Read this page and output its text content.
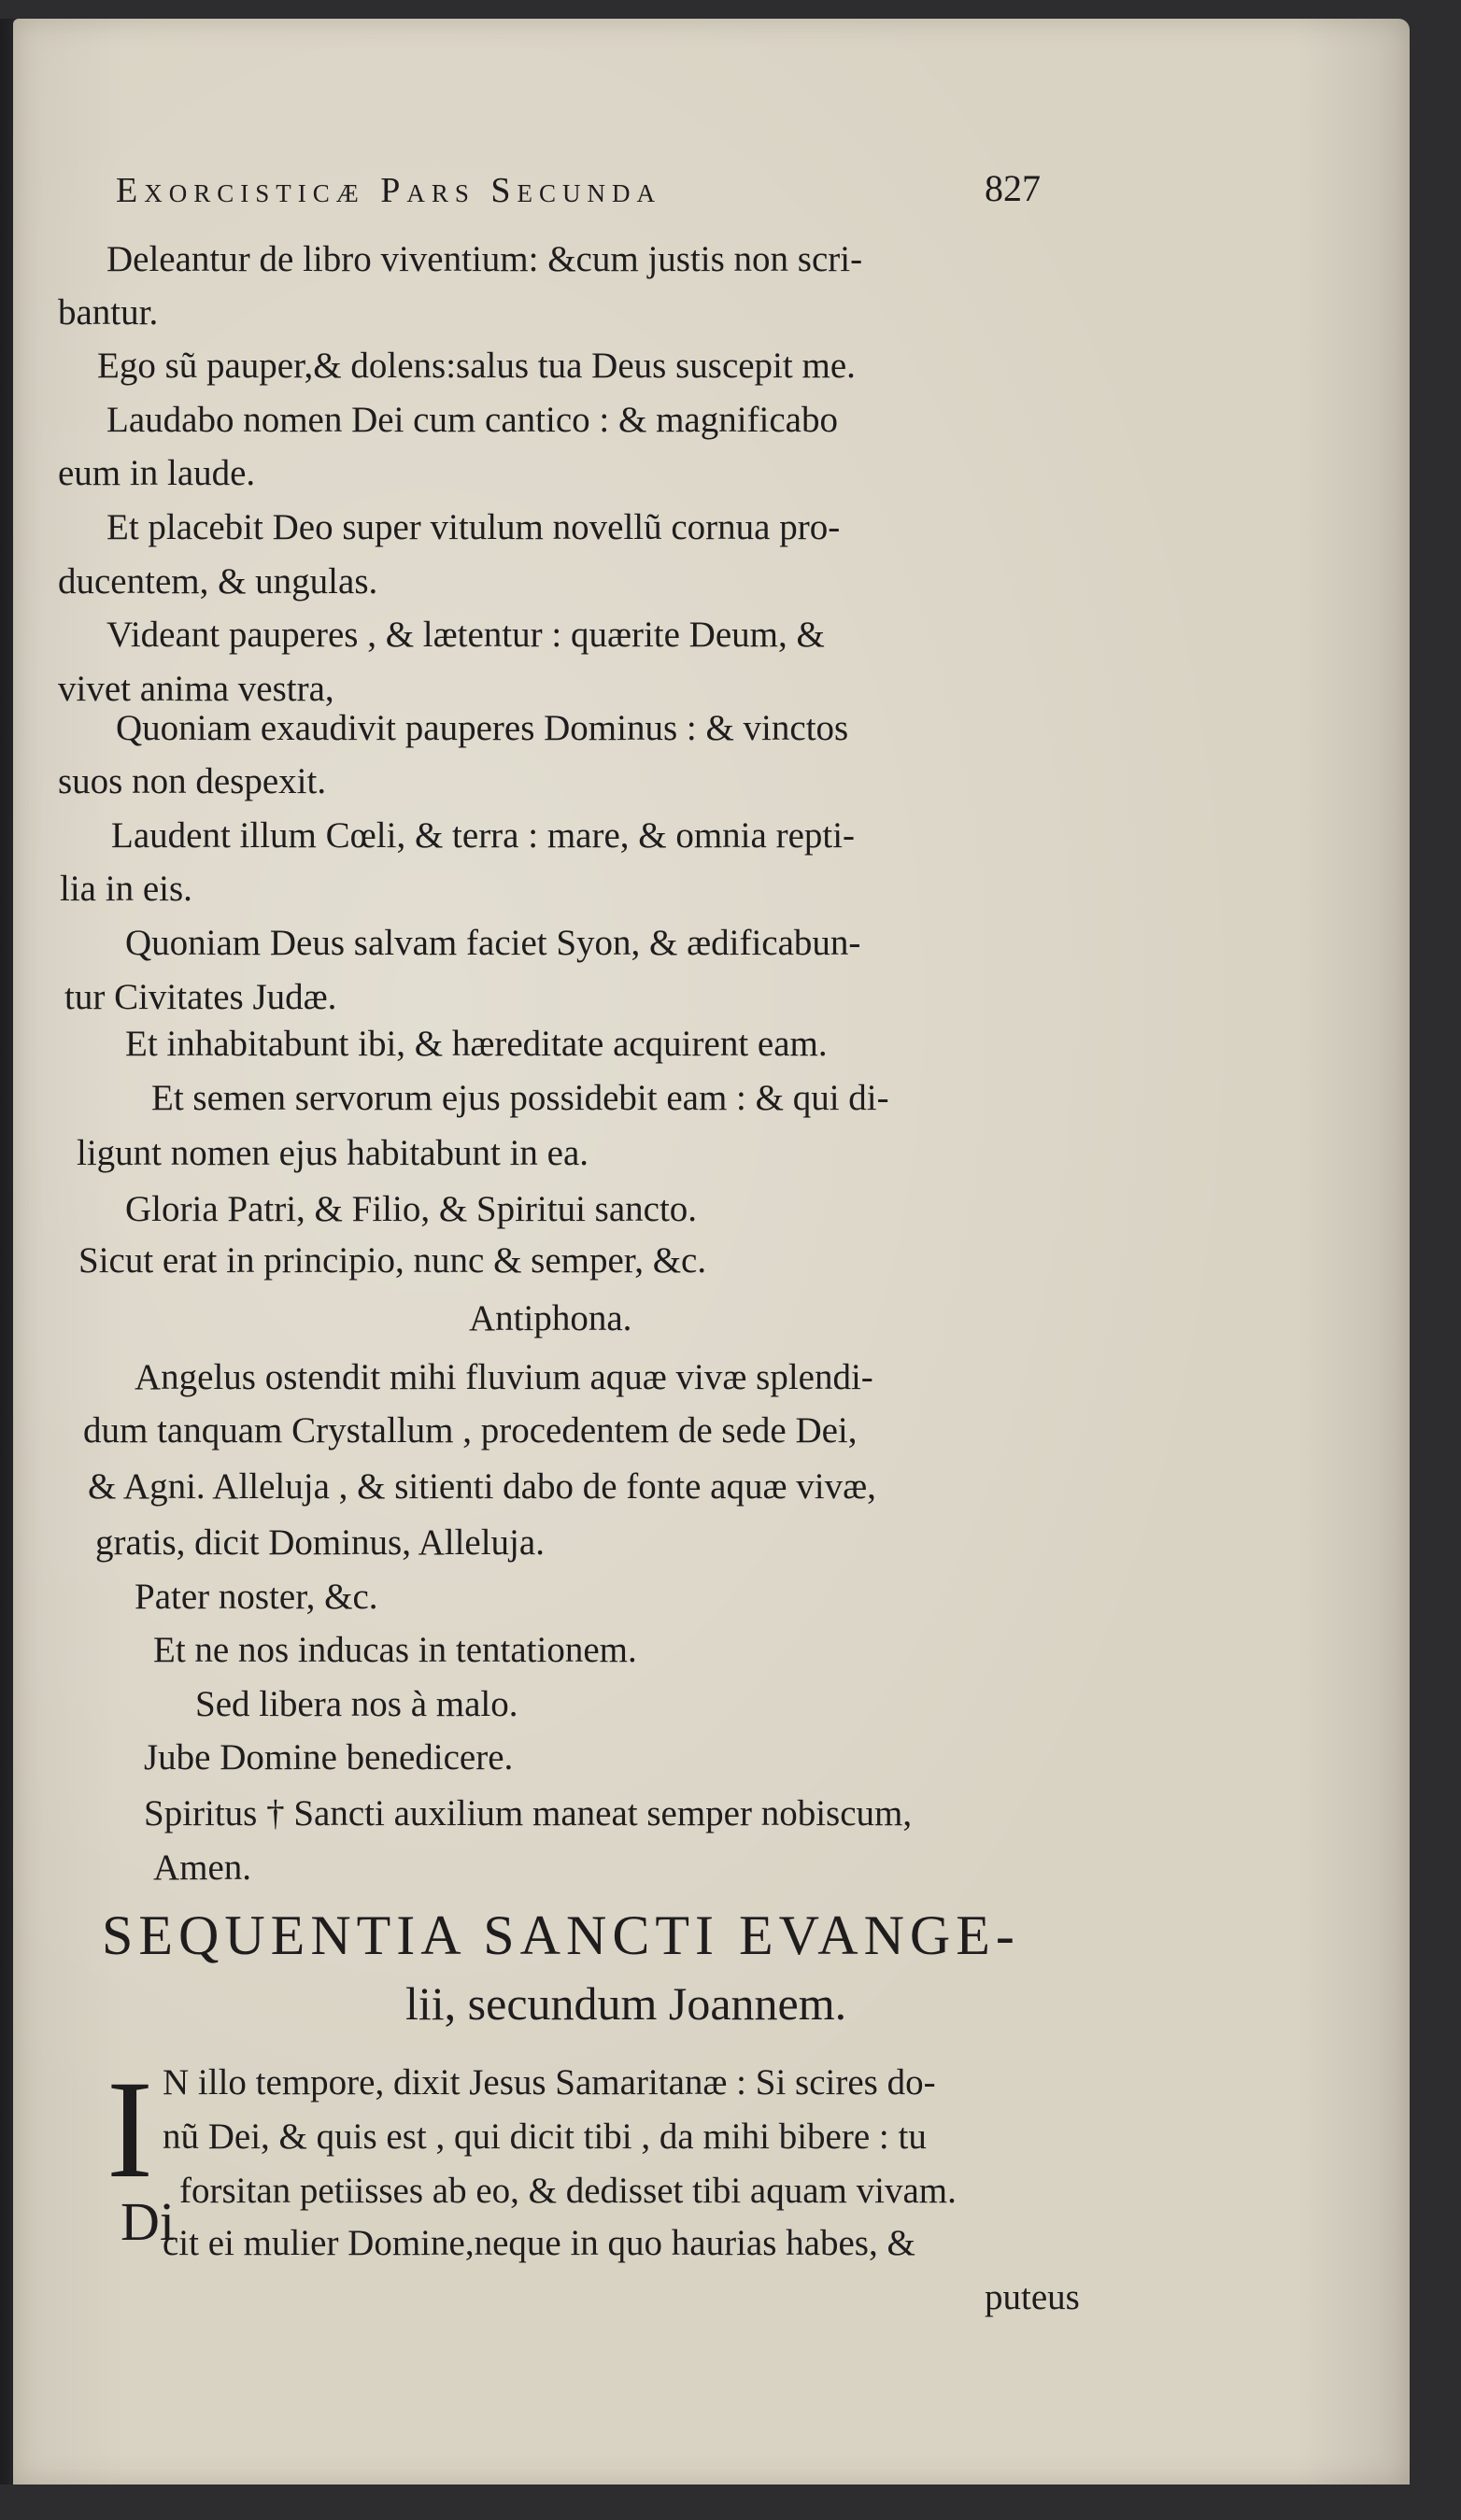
Exorcisticæ Pars Secunda	827
Deleantur de libro viventium: &cum justis non scri-
bantur.
Ego sũ pauper,& dolens:salus tua Deus suscepit me.
Laudabo nomen Dei cum cantico : & magnificabo
eum in laude.
Et placebit Deo super vitulum novellũ cornua pro-
ducentem, & ungulas.
Videant pauperes , & lætentur : quærite Deum, &
vivet anima vestra,
Quoniam exaudivit pauperes Dominus : & vinctos
suos non despexit.
Laudent illum Cœli, & terra : mare, & omnia repti-
lia in eis.
Quoniam Deus salvam faciet Syon, & ædificabun-
tur Civitates Judæ.
Et inhabitabunt ibi, & hæreditate acquirent eam.
Et semen servorum ejus possidebit eam : & qui di-
ligunt nomen ejus habitabunt in ea.
Gloria Patri, & Filio, & Spiritui sancto.
Sicut erat in principio, nunc & semper, &c.
Antiphona.
Angelus ostendit mihi fluvium aquæ vivæ splendi-
dum tanquam Crystallum , procedentem de sede Dei,
& Agni. Alleluja , & sitienti dabo de fonte aquæ vivæ,
gratis, dicit Dominus, Alleluja.
Pater noster, &c.
Et ne nos inducas in tentationem.
Sed libera nos à malo.
Jube Domine benedicere.
Spiritus † Sancti auxilium maneat semper nobiscum,
Amen.
SEQUENTIA SANCTI EVANGE-
lii, secundum Joannem.
I N illo tempore, dixit Jesus Samaritanæ : Si scires do-
nũ Dei, & quis est , qui dicit tibi , da mihi bibere : tu
forsitan petiisses ab eo, & dedisset tibi aquam vivam.
Di
cit ei mulier Domine,neque in quo haurias habes, &
puteus
